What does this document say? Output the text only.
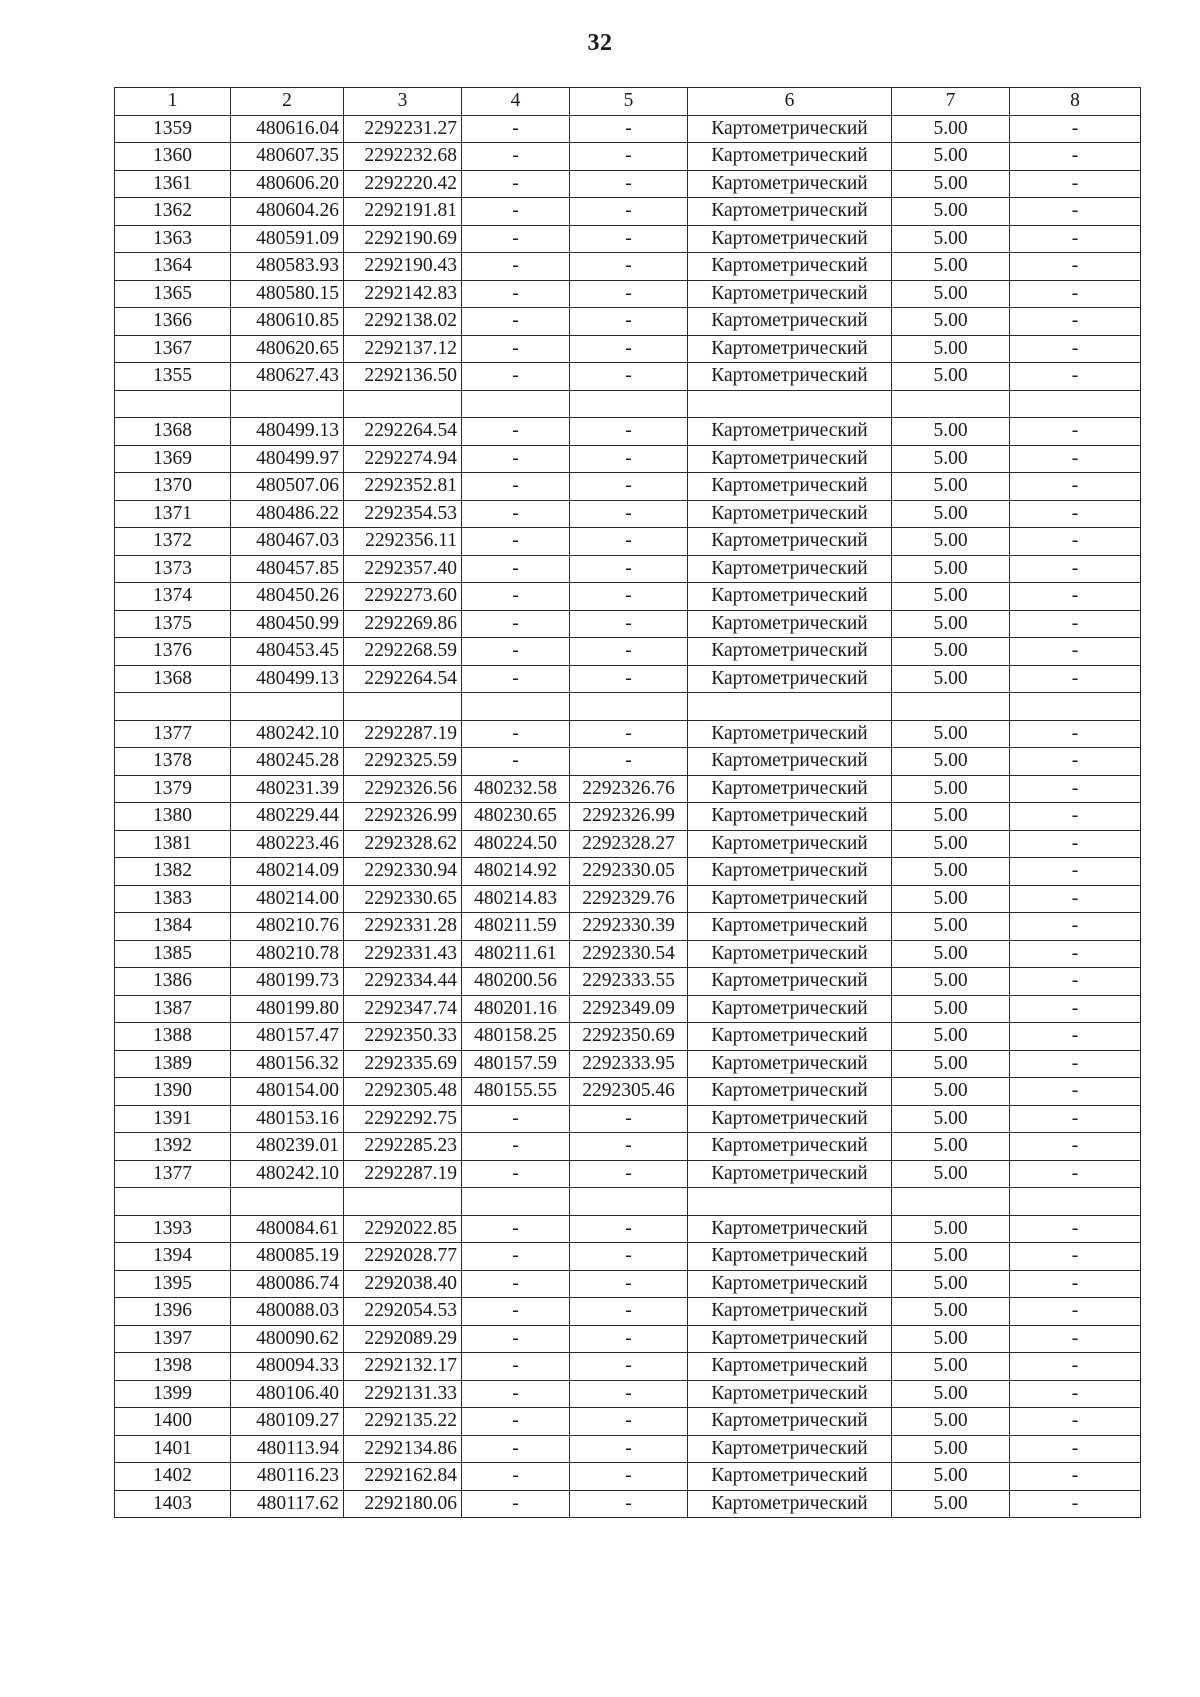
32
1	2	3	4	5	6	7	8
1359	480616.04	2292231.27	-	-	Картометрический	5.00	-
1360	480607.35	2292232.68	-	-	Картометрический	5.00	-
1361	480606.20	2292220.42	-	-	Картометрический	5.00	-
1362	480604.26	2292191.81	-	-	Картометрический	5.00	-
1363	480591.09	2292190.69	-	-	Картометрический	5.00	-
1364	480583.93	2292190.43	-	-	Картометрический	5.00	-
1365	480580.15	2292142.83	-	-	Картометрический	5.00	-
1366	480610.85	2292138.02	-	-	Картометрический	5.00	-
1367	480620.65	2292137.12	-	-	Картометрический	5.00	-
1355	480627.43	2292136.50	-	-	Картометрический	5.00	-

1368	480499.13	2292264.54	-	-	Картометрический	5.00	-
1369	480499.97	2292274.94	-	-	Картометрический	5.00	-
1370	480507.06	2292352.81	-	-	Картометрический	5.00	-
1371	480486.22	2292354.53	-	-	Картометрический	5.00	-
1372	480467.03	2292356.11	-	-	Картометрический	5.00	-
1373	480457.85	2292357.40	-	-	Картометрический	5.00	-
1374	480450.26	2292273.60	-	-	Картометрический	5.00	-
1375	480450.99	2292269.86	-	-	Картометрический	5.00	-
1376	480453.45	2292268.59	-	-	Картометрический	5.00	-
1368	480499.13	2292264.54	-	-	Картометрический	5.00	-

1377	480242.10	2292287.19	-	-	Картометрический	5.00	-
1378	480245.28	2292325.59	-	-	Картометрический	5.00	-
1379	480231.39	2292326.56	480232.58	2292326.76	Картометрический	5.00	-
1380	480229.44	2292326.99	480230.65	2292326.99	Картометрический	5.00	-
1381	480223.46	2292328.62	480224.50	2292328.27	Картометрический	5.00	-
1382	480214.09	2292330.94	480214.92	2292330.05	Картометрический	5.00	-
1383	480214.00	2292330.65	480214.83	2292329.76	Картометрический	5.00	-
1384	480210.76	2292331.28	480211.59	2292330.39	Картометрический	5.00	-
1385	480210.78	2292331.43	480211.61	2292330.54	Картометрический	5.00	-
1386	480199.73	2292334.44	480200.56	2292333.55	Картометрический	5.00	-
1387	480199.80	2292347.74	480201.16	2292349.09	Картометрический	5.00	-
1388	480157.47	2292350.33	480158.25	2292350.69	Картометрический	5.00	-
1389	480156.32	2292335.69	480157.59	2292333.95	Картометрический	5.00	-
1390	480154.00	2292305.48	480155.55	2292305.46	Картометрический	5.00	-
1391	480153.16	2292292.75	-	-	Картометрический	5.00	-
1392	480239.01	2292285.23	-	-	Картометрический	5.00	-
1377	480242.10	2292287.19	-	-	Картометрический	5.00	-

1393	480084.61	2292022.85	-	-	Картометрический	5.00	-
1394	480085.19	2292028.77	-	-	Картометрический	5.00	-
1395	480086.74	2292038.40	-	-	Картометрический	5.00	-
1396	480088.03	2292054.53	-	-	Картометрический	5.00	-
1397	480090.62	2292089.29	-	-	Картометрический	5.00	-
1398	480094.33	2292132.17	-	-	Картометрический	5.00	-
1399	480106.40	2292131.33	-	-	Картометрический	5.00	-
1400	480109.27	2292135.22	-	-	Картометрический	5.00	-
1401	480113.94	2292134.86	-	-	Картометрический	5.00	-
1402	480116.23	2292162.84	-	-	Картометрический	5.00	-
1403	480117.62	2292180.06	-	-	Картометрический	5.00	-
